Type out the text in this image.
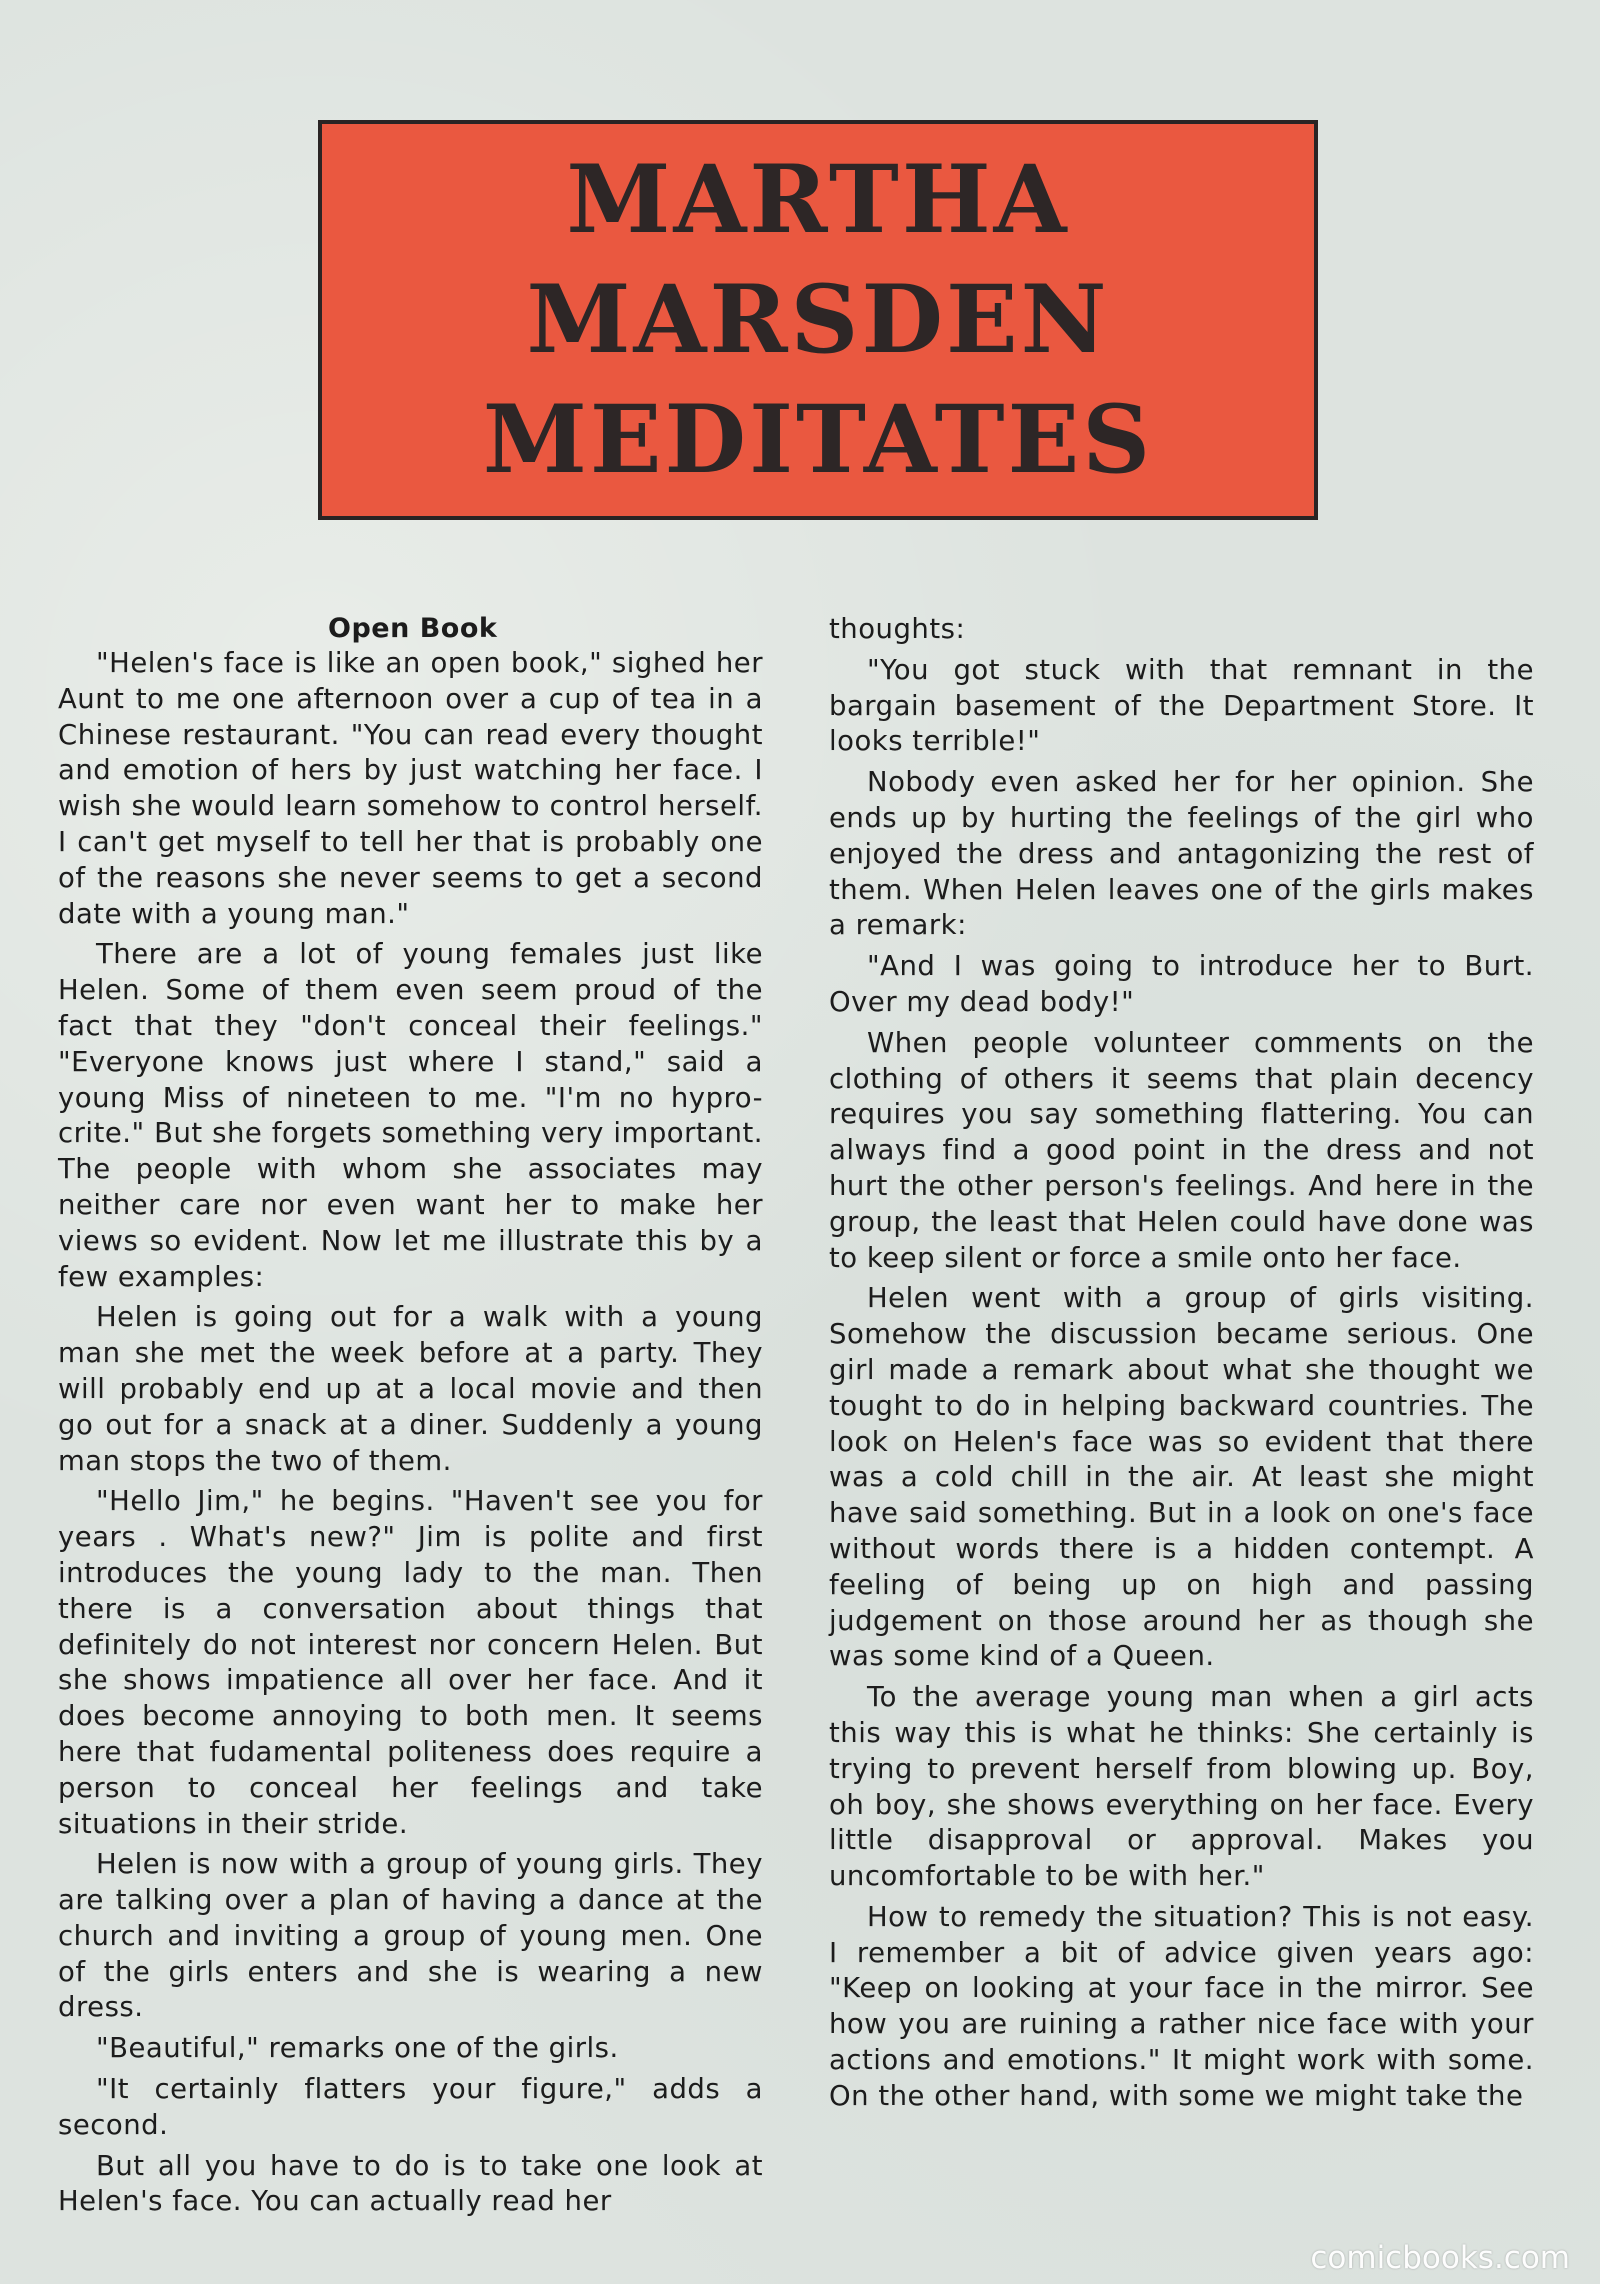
MARTHA
MARSDEN
MEDITATES
Open Book

"Helen's face is like an open book," sighed her Aunt to me one afternoon over a cup of tea in a Chinese restaurant. "You can read every thought and emotion of hers by just watching her face. I wish she would learn somehow to control herself. I can't get myself to tell her that is probably one of the reasons she never seems to get a second date with a young man."

There are a lot of young females just like Helen. Some of them even seem proud of the fact that they "don't conceal their feelings." "Everyone knows just where I stand," said a young Miss of nineteen to me. "I'm no hypro-crite." But she forgets something very important. The people with whom she associates may neither care nor even want her to make her views so evident. Now let me illustrate this by a few examples:

Helen is going out for a walk with a young man she met the week before at a party. They will probably end up at a local movie and then go out for a snack at a diner. Suddenly a young man stops the two of them.

"Hello Jim," he begins. "Haven't see you for years . What's new?" Jim is polite and first introduces the young lady to the man. Then there is a conversation about things that definitely do not interest nor concern Helen. But she shows impatience all over her face. And it does become annoying to both men. It seems here that fudamental politeness does require a person to conceal her feelings and take situations in their stride.

Helen is now with a group of young girls. They are talking over a plan of having a dance at the church and inviting a group of young men. One of the girls enters and she is wearing a new dress.

"Beautiful," remarks one of the girls.

"It certainly flatters your figure," adds a second.

But all you have to do is to take one look at Helen's face. You can actually read her

thoughts:

"You got stuck with that remnant in the bargain basement of the Department Store. It looks terrible!"

Nobody even asked her for her opinion. She ends up by hurting the feelings of the girl who enjoyed the dress and antagonizing the rest of them. When Helen leaves one of the girls makes a remark:

"And I was going to introduce her to Burt. Over my dead body!"

When people volunteer comments on the clothing of others it seems that plain decency requires you say something flattering. You can always find a good point in the dress and not hurt the other person's feelings. And here in the group, the least that Helen could have done was to keep silent or force a smile onto her face.

Helen went with a group of girls visiting. Somehow the discussion became serious. One girl made a remark about what she thought we tought to do in helping backward countries. The look on Helen's face was so evident that there was a cold chill in the air. At least she might have said something. But in a look on one's face without words there is a hidden contempt. A feeling of being up on high and passing judgement on those around her as though she was some kind of a Queen.

To the average young man when a girl acts this way this is what he thinks: She certainly is trying to prevent herself from blowing up. Boy, oh boy, she shows everything on her face. Every little disapproval or approval. Makes you uncomfortable to be with her."

How to remedy the situation? This is not easy. I remember a bit of advice given years ago: "Keep on looking at your face in the mirror. See how you are ruining a rather nice face with your actions and emotions." It might work with some. On the other hand, with some we might take the

comicbooks.com
